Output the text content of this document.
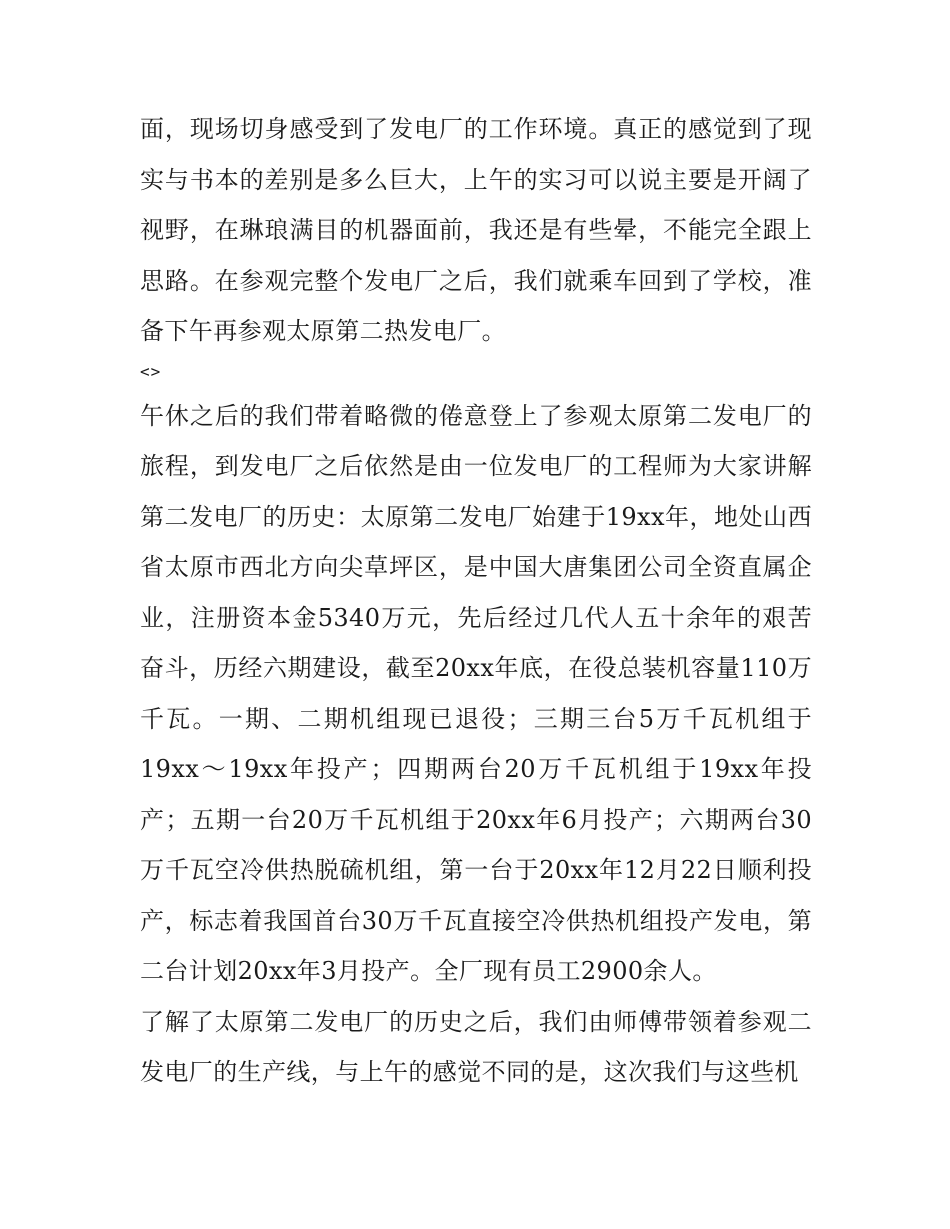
面，现场切身感受到了发电厂的工作环境。真正的感觉到了现实与书本的差别是多么巨大，上午的实习可以说主要是开阔了视野，在琳琅满目的机器面前，我还是有些晕，不能完全跟上思路。在参观完整个发电厂之后，我们就乘车回到了学校，准备下午再参观太原第二热发电厂。

<>

午休之后的我们带着略微的倦意登上了参观太原第二发电厂的旅程，到发电厂之后依然是由一位发电厂的工程师为大家讲解第二发电厂的历史：太原第二发电厂始建于19xx年，地处山西省太原市西北方向尖草坪区，是中国大唐集团公司全资直属企业，注册资本金5340万元，先后经过几代人五十余年的艰苦奋斗，历经六期建设，截至20xx年底，在役总装机容量110万千瓦。一期、二期机组现已退役；三期三台5万千瓦机组于19xx～19xx年投产；四期两台20万千瓦机组于19xx年投产；五期一台20万千瓦机组于20xx年6月投产；六期两台30万千瓦空冷供热脱硫机组，第一台于20xx年12月22日顺利投产，标志着我国首台30万千瓦直接空冷供热机组投产发电，第二台计划20xx年3月投产。全厂现有员工2900余人。

了解了太原第二发电厂的历史之后，我们由师傅带领着参观二发电厂的生产线，与上午的感觉不同的是，这次我们与这些机
